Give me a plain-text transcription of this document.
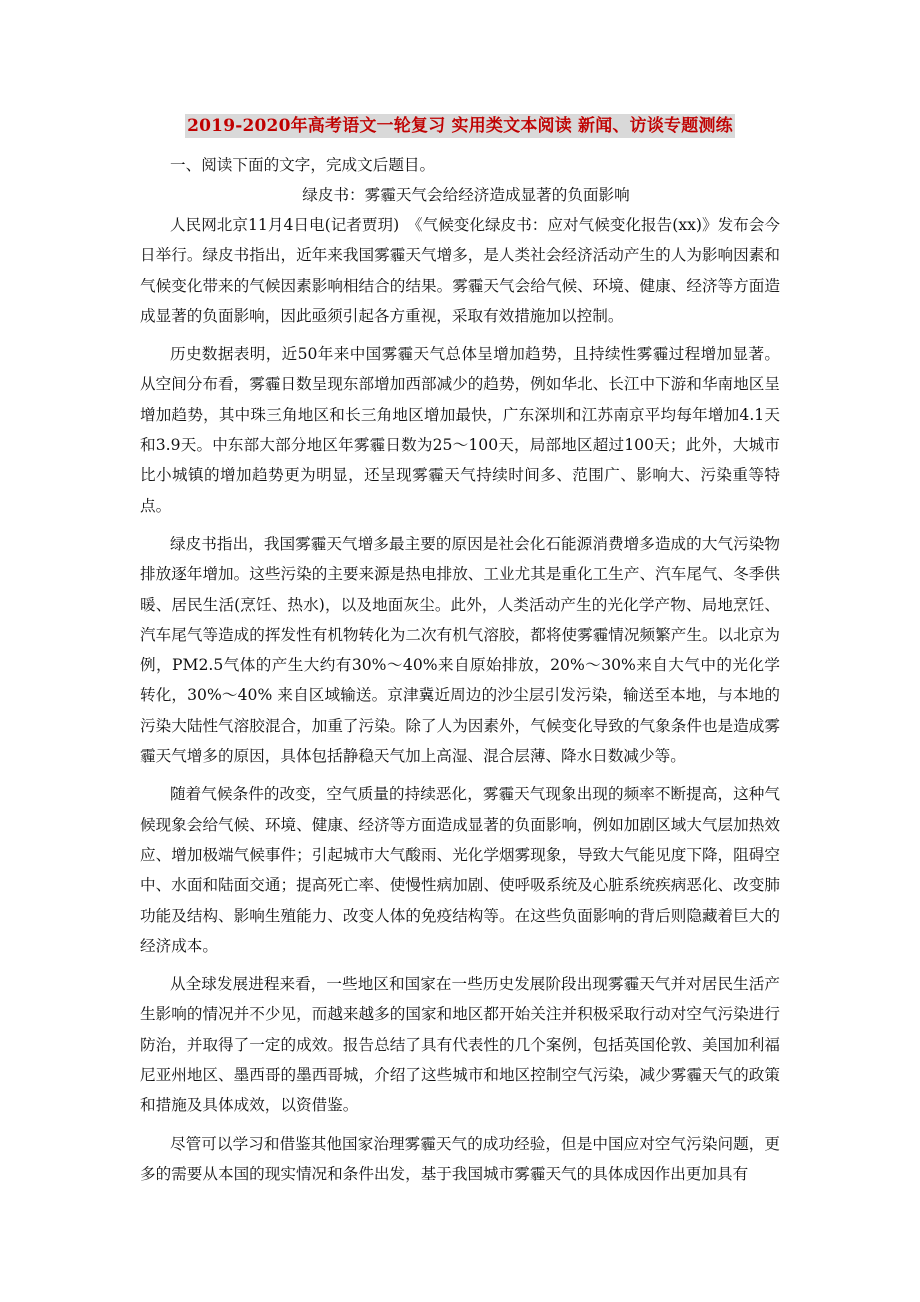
2019-2020年高考语文一轮复习 实用类文本阅读 新闻、访谈专题测练

一、阅读下面的文字，完成文后题目。

绿皮书：雾霾天气会给经济造成显著的负面影响

人民网北京11月4日电(记者贾玥)　《气候变化绿皮书：应对气候变化报告(xx)》发布会今日举行。绿皮书指出，近年来我国雾霾天气增多，是人类社会经济活动产生的人为影响因素和气候变化带来的气候因素影响相结合的结果。雾霾天气会给气候、环境、健康、经济等方面造成显著的负面影响，因此亟须引起各方重视，采取有效措施加以控制。

历史数据表明，近50年来中国雾霾天气总体呈增加趋势，且持续性雾霾过程增加显著。从空间分布看，雾霾日数呈现东部增加西部减少的趋势，例如华北、长江中下游和华南地区呈增加趋势，其中珠三角地区和长三角地区增加最快，广东深圳和江苏南京平均每年增加4.1天和3.9天。中东部大部分地区年雾霾日数为25～100天，局部地区超过100天；此外，大城市比小城镇的增加趋势更为明显，还呈现雾霾天气持续时间多、范围广、影响大、污染重等特点。

绿皮书指出，我国雾霾天气增多最主要的原因是社会化石能源消费增多造成的大气污染物排放逐年增加。这些污染的主要来源是热电排放、工业尤其是重化工生产、汽车尾气、冬季供暖、居民生活(烹饪、热水)，以及地面灰尘。此外，人类活动产生的光化学产物、局地烹饪、汽车尾气等造成的挥发性有机物转化为二次有机气溶胶，都将使雾霾情况频繁产生。以北京为例，PM2.5气体的产生大约有30%～40%来自原始排放，20%～30%来自大气中的光化学转化，30%～40% 来自区域输送。京津冀近周边的沙尘层引发污染，输送至本地，与本地的污染大陆性气溶胶混合，加重了污染。除了人为因素外，气候变化导致的气象条件也是造成雾霾天气增多的原因，具体包括静稳天气加上高湿、混合层薄、降水日数减少等。

随着气候条件的改变，空气质量的持续恶化，雾霾天气现象出现的频率不断提高，这种气候现象会给气候、环境、健康、经济等方面造成显著的负面影响，例如加剧区域大气层加热效应、增加极端气候事件；引起城市大气酸雨、光化学烟雾现象，导致大气能见度下降，阻碍空中、水面和陆面交通；提高死亡率、使慢性病加剧、使呼吸系统及心脏系统疾病恶化、改变肺功能及结构、影响生殖能力、改变人体的免疫结构等。在这些负面影响的背后则隐藏着巨大的经济成本。

从全球发展进程来看，一些地区和国家在一些历史发展阶段出现雾霾天气并对居民生活产生影响的情况并不少见，而越来越多的国家和地区都开始关注并积极采取行动对空气污染进行防治，并取得了一定的成效。报告总结了具有代表性的几个案例，包括英国伦敦、美国加利福尼亚州地区、墨西哥的墨西哥城，介绍了这些城市和地区控制空气污染，减少雾霾天气的政策和措施及具体成效，以资借鉴。

尽管可以学习和借鉴其他国家治理雾霾天气的成功经验，但是中国应对空气污染问题，更多的需要从本国的现实情况和条件出发，基于我国城市雾霾天气的具体成因作出更加具有
